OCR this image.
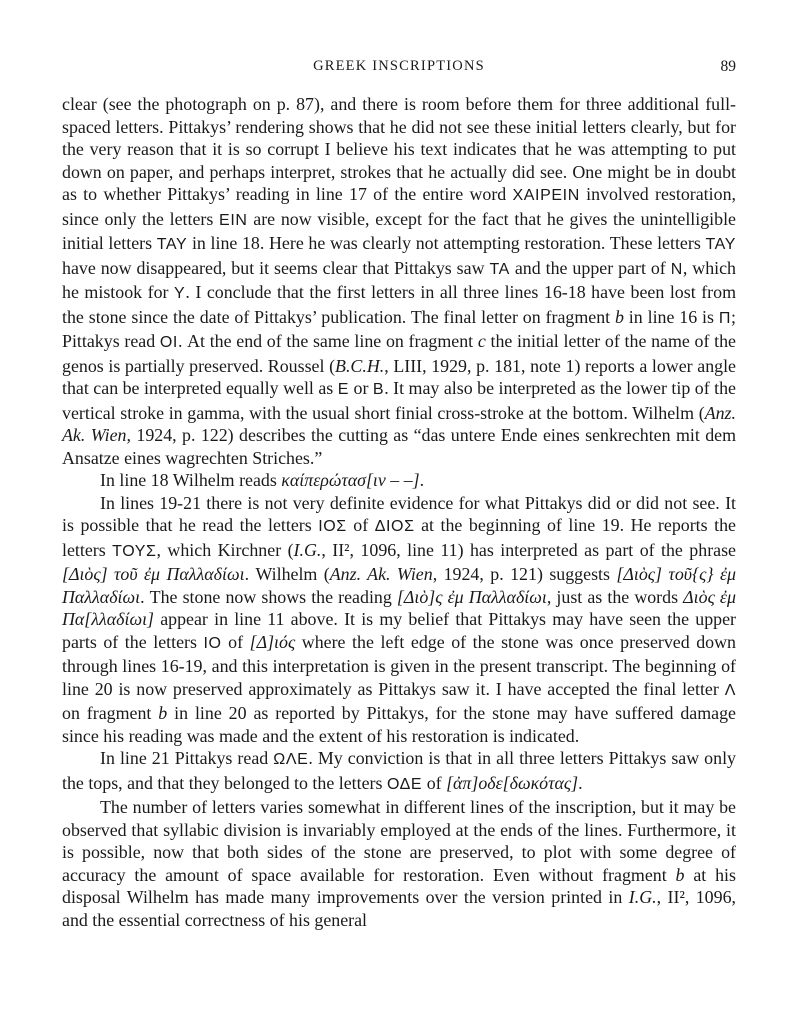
GREEK INSCRIPTIONS	89

clear (see the photograph on p. 87), and there is room before them for three additional full-spaced letters. Pittakys’ rendering shows that he did not see these initial letters clearly, but for the very reason that it is so corrupt I believe his text indicates that he was attempting to put down on paper, and perhaps interpret, strokes that he actually did see. One might be in doubt as to whether Pittakys’ reading in line 17 of the entire word ΧΑΙΡΕΙΝ involved restoration, since only the letters ΕΙΝ are now visible, except for the fact that he gives the unintelligible initial letters ΤΑΥ in line 18. Here he was clearly not attempting restoration. These letters ΤΑΥ have now disappeared, but it seems clear that Pittakys saw ΤΑ and the upper part of Ν, which he mistook for Υ. I conclude that the first letters in all three lines 16-18 have been lost from the stone since the date of Pittakys’ publication. The final letter on fragment b in line 16 is Π; Pittakys read ΟΙ. At the end of the same line on fragment c the initial letter of the name of the genos is partially preserved. Roussel (B.C.H., LIII, 1929, p. 181, note 1) reports a lower angle that can be interpreted equally well as Ε or Β. It may also be interpreted as the lower tip of the vertical stroke in gamma, with the usual short finial cross-stroke at the bottom. Wilhelm (Anz. Ak. Wien, 1924, p. 122) describes the cutting as “das untere Ende eines senkrechten mit dem Ansatze eines wagrechten Striches.”

In line 18 Wilhelm reads καίπερώτασ[ιν – –].

In lines 19-21 there is not very definite evidence for what Pittakys did or did not see. It is possible that he read the letters ΙΟΣ of ΔΙΟΣ at the beginning of line 19. He reports the letters ΤΟΥΣ, which Kirchner (I.G., II², 1096, line 11) has interpreted as part of the phrase [Διὸς] τοῦ ἐμ Παλλαδίωι. Wilhelm (Anz. Ak. Wien, 1924, p. 121) suggests [Διὸς] τοῦ{ς} ἐμ Παλλαδίωι. The stone now shows the reading [Διὸ]ς ἐμ Παλλαδίωι, just as the words Διὸς ἐμ Πα[λλαδίωι] appear in line 11 above. It is my belief that Pittakys may have seen the upper parts of the letters ΙΟ of [Δ]ιός where the left edge of the stone was once preserved down through lines 16-19, and this interpretation is given in the present transcript. The beginning of line 20 is now preserved approximately as Pittakys saw it. I have accepted the final letter Λ on fragment b in line 20 as reported by Pittakys, for the stone may have suffered damage since his reading was made and the extent of his restoration is indicated.

In line 21 Pittakys read ΩΛΕ. My conviction is that in all three letters Pittakys saw only the tops, and that they belonged to the letters ΟΔΕ of [ἀπ]οδε[δωκότας].

The number of letters varies somewhat in different lines of the inscription, but it may be observed that syllabic division is invariably employed at the ends of the lines. Furthermore, it is possible, now that both sides of the stone are preserved, to plot with some degree of accuracy the amount of space available for restoration. Even without fragment b at his disposal Wilhelm has made many improvements over the version printed in I.G., II², 1096, and the essential correctness of his general
